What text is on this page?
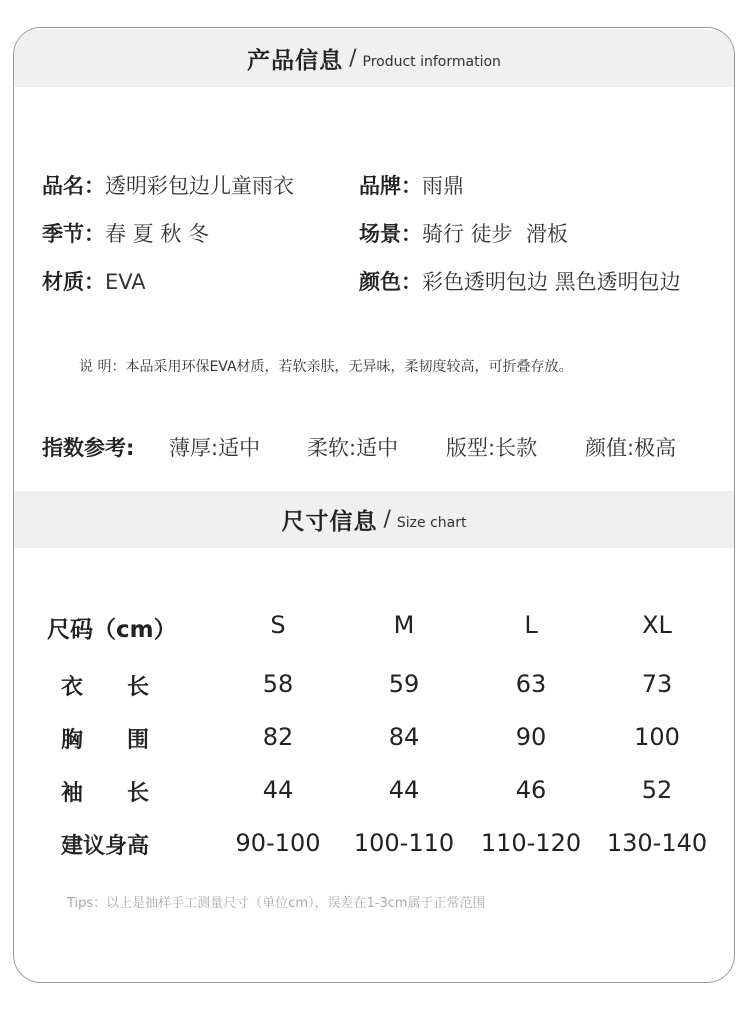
产品信息 / Product information
品名：透明彩包边儿童雨衣	品牌：雨鼎
季节：春 夏 秋 冬	场景：骑行 徒步  滑板
材质：EVA	颜色：彩色透明包边 黑色透明包边
说 明：本品采用环保EVA材质，若软亲肤，无异味，柔韧度较高，可折叠存放。
指数参考: 薄厚:适中 柔软:适中 版型:长款 颜值:极高
尺寸信息 / Size chart
尺码（cm）	S	M	L	XL
衣　　长	58	59	63	73
胸　　围	82	84	90	100
袖　　长	44	44	46	52
建议身高	90-100	100-110	110-120	130-140
Tips：以上是抽样手工测量尺寸（单位cm），误差在1-3cm属于正常范围
